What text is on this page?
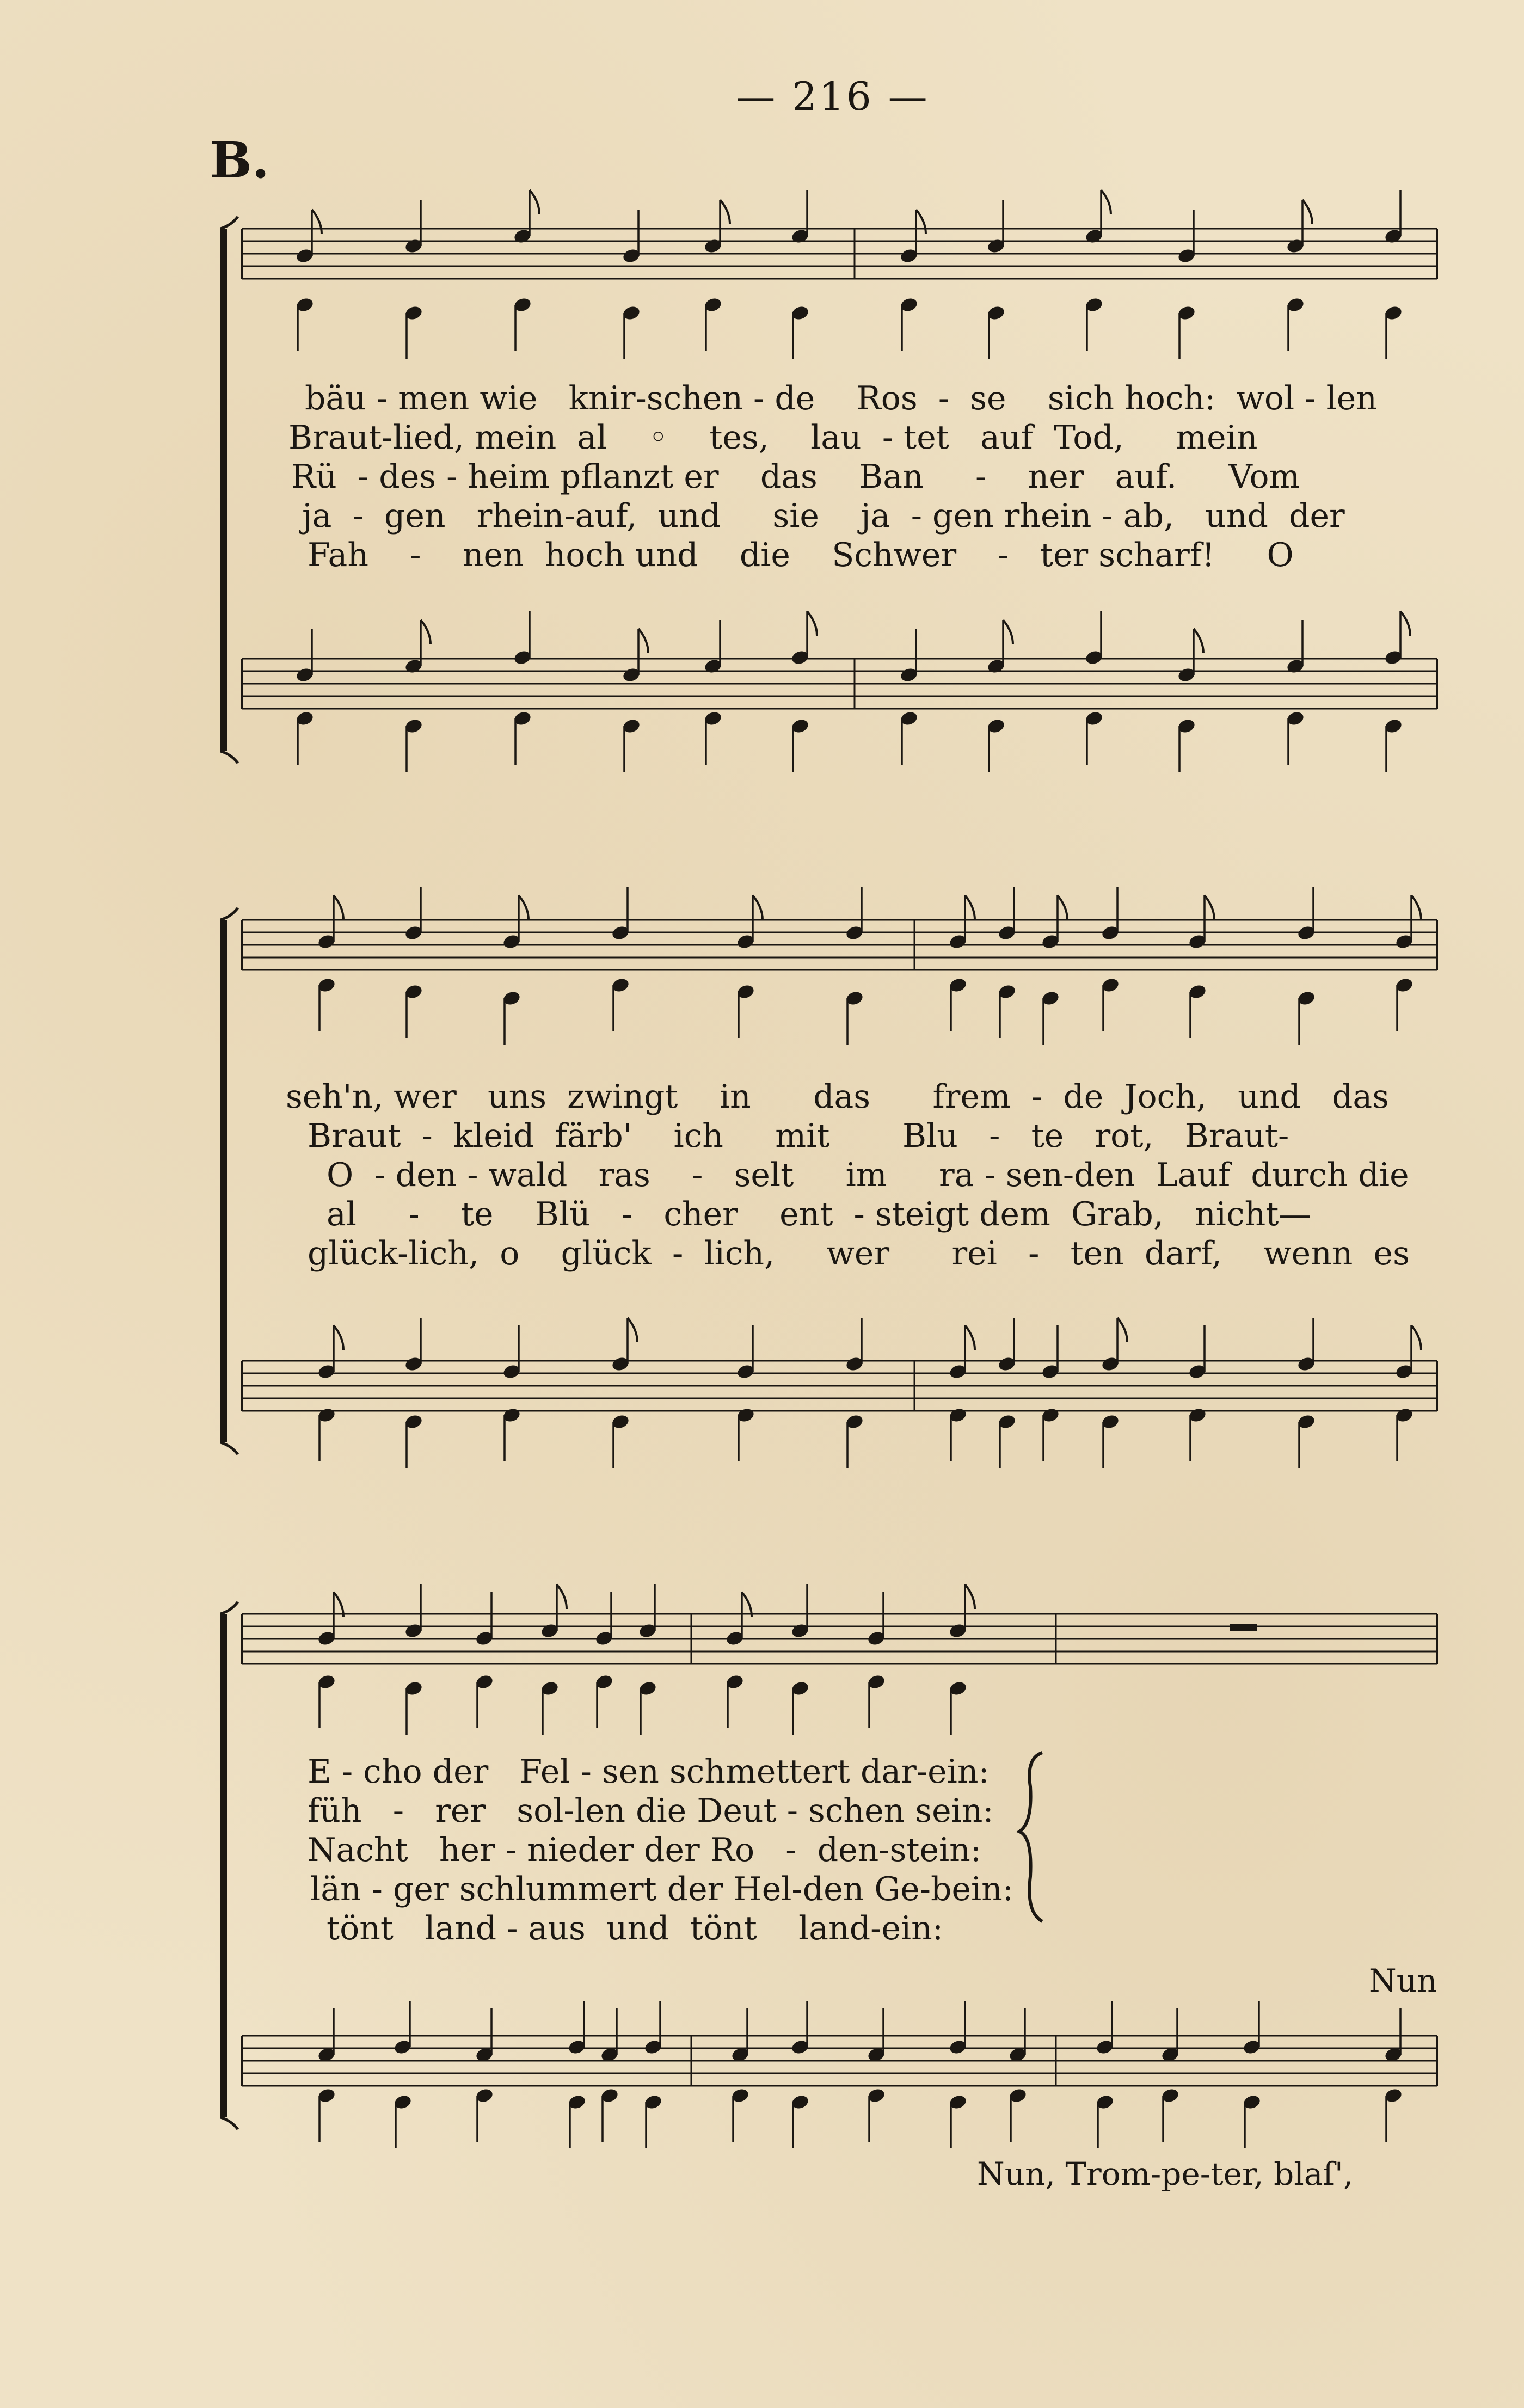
— 216 —
B.
bäu - men wie   knir-schen - de    Ros  -  se    sich hoch:  wol - len
Braut-lied, mein  al    ◦    tes,    lau  - tet   auf  Tod,     mein
Rü  - des - heim pflanzt er    das    Ban     -    ner   auf.     Vom
ja  -  gen   rhein-auf,  und     sie    ja  - gen rhein - ab,   und  der
Fah    -    nen  hoch und    die    Schwer    -   ter scharf!     O
seh'n, wer   uns  zwingt    in      das      frem  -  de  Joch,   und   das
Braut  -  kleid  färb'    ich     mit       Blu   -   te   rot,   Braut-
O  - den - wald   ras    -   selt     im     ra - sen-den  Lauf  durch die
al     -    te    Blü   -   cher    ent  - steigt dem  Grab,   nicht—
glück-lich,  o    glück  -  lich,     wer      rei   -   ten  darf,    wenn  es
E - cho der   Fel - sen schmettert dar-ein:
füh   -   rer   sol-len die Deut - schen sein:
Nacht   her - nieder der Ro   -  den-stein:
län - ger schlummert der Hel-den Ge-bein:
tönt   land - aus  und  tönt    land-ein:
Nun
Nun, Trom-pe-ter, blaſ',
